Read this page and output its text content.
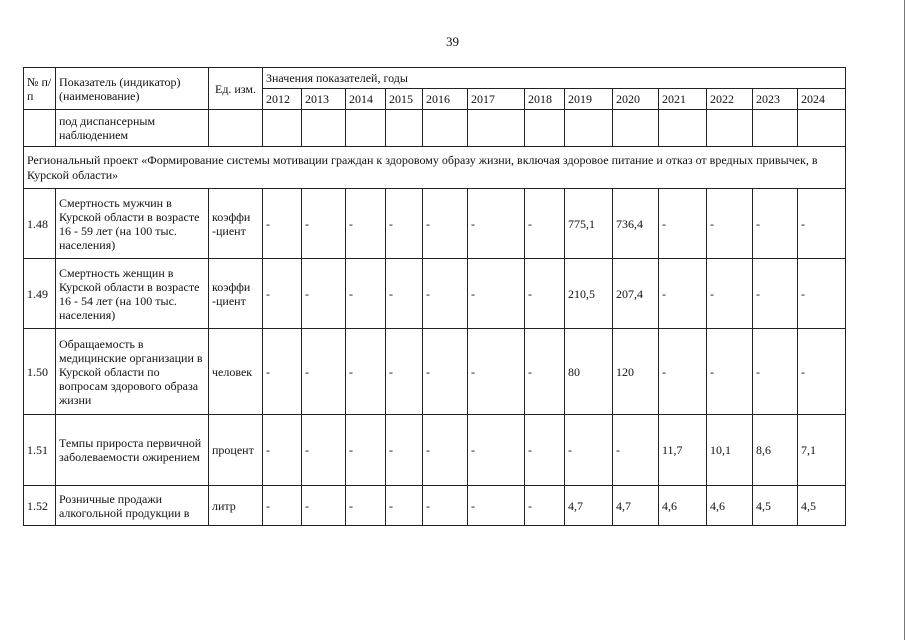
39
№ п/п	Показатель (индикатор) (наименование)	Ед. изм.	Значения показателей, годы												
			2012	2013	2014	2015	2016	2017	2018	2019	2020	2021	2022	2023	2024
	под диспансерным наблюдением														
Региональный проект «Формирование системы мотивации граждан к здоровому образу жизни, включая здоровое питание и отказ от вредных привычек, в Курской области»															
1.48	Смертность мужчин в Курской области в возрасте 16 - 59 лет (на 100 тыс. населения)	коэффи -циент	-	-	-	-	-	-	-	775,1	736,4	-	-	-	-
1.49	Смертность женщин в Курской области в возрасте 16 - 54 лет (на 100 тыс. населения)	коэффи -циент	-	-	-	-	-	-	-	210,5	207,4	-	-	-	-
1.50	Обращаемость в медицинские организации в Курской области по вопросам здорового образа жизни	человек	-	-	-	-	-	-	-	80	120	-	-	-	-
1.51	Темпы прироста первичной заболеваемости ожирением	процент	-	-	-	-	-	-	-	-	-	11,7	10,1	8,6	7,1
1.52	Розничные продажи алкогольной продукции в	литр	-	-	-	-	-	-	-	4,7	4,7	4,6	4,6	4,5	4,5
